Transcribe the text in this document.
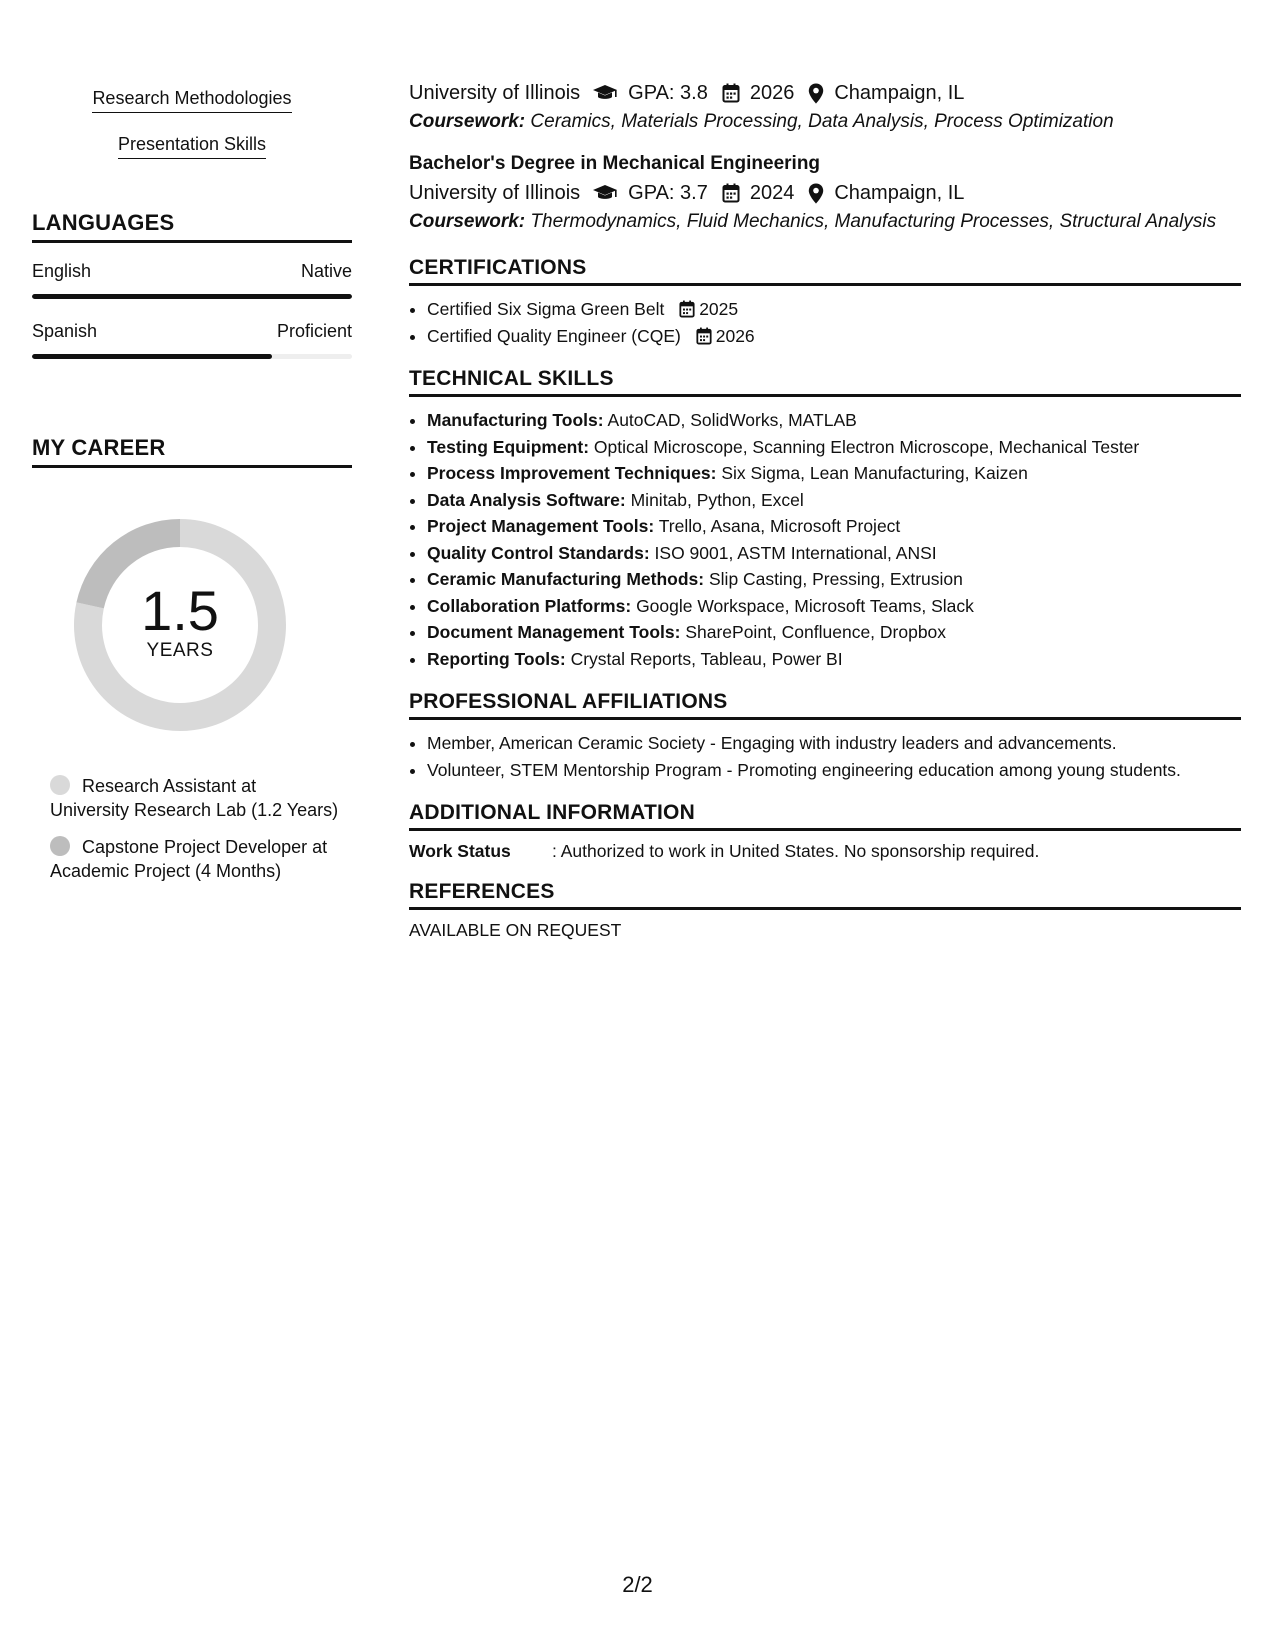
Research Methodologies
Presentation Skills
LANGUAGES
English	Native
Spanish	Proficient
MY CAREER
1.5
YEARS
Research Assistant at University Research Lab (1.2 Years)
Capstone Project Developer at Academic Project (4 Months)
University of Illinois GPA: 3.8 2026 Champaign, IL
Coursework: Ceramics, Materials Processing, Data Analysis, Process Optimization
Bachelor's Degree in Mechanical Engineering
University of Illinois GPA: 3.7 2024 Champaign, IL
Coursework: Thermodynamics, Fluid Mechanics, Manufacturing Processes, Structural Analysis
CERTIFICATIONS
• Certified Six Sigma Green Belt 2025
• Certified Quality Engineer (CQE) 2026
TECHNICAL SKILLS
• Manufacturing Tools: AutoCAD, SolidWorks, MATLAB
• Testing Equipment: Optical Microscope, Scanning Electron Microscope, Mechanical Tester
• Process Improvement Techniques: Six Sigma, Lean Manufacturing, Kaizen
• Data Analysis Software: Minitab, Python, Excel
• Project Management Tools: Trello, Asana, Microsoft Project
• Quality Control Standards: ISO 9001, ASTM International, ANSI
• Ceramic Manufacturing Methods: Slip Casting, Pressing, Extrusion
• Collaboration Platforms: Google Workspace, Microsoft Teams, Slack
• Document Management Tools: SharePoint, Confluence, Dropbox
• Reporting Tools: Crystal Reports, Tableau, Power BI
PROFESSIONAL AFFILIATIONS
• Member, American Ceramic Society - Engaging with industry leaders and advancements.
• Volunteer, STEM Mentorship Program - Promoting engineering education among young students.
ADDITIONAL INFORMATION
Work Status	: Authorized to work in United States. No sponsorship required.
REFERENCES
AVAILABLE ON REQUEST
2/2
